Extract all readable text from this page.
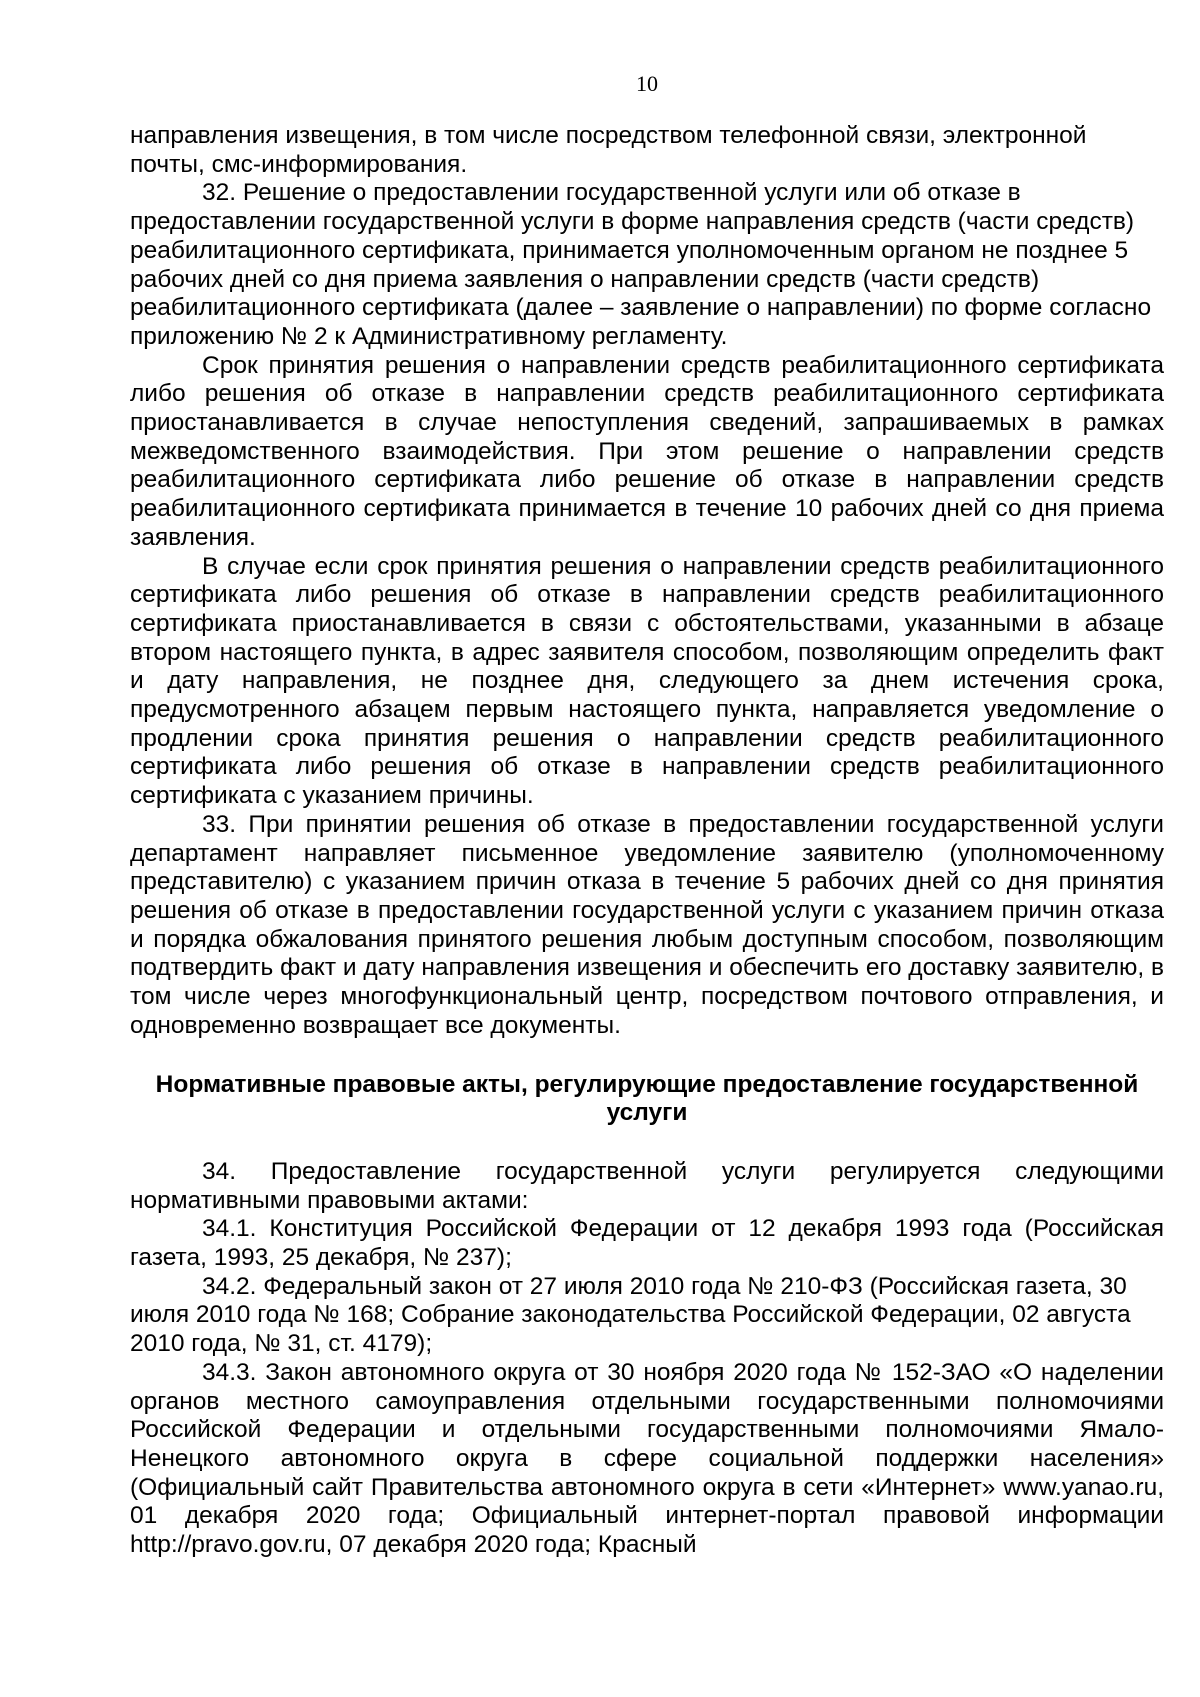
10

направления извещения, в том числе посредством телефонной связи, электронной почты, смс-информирования.

32. Решение о предоставлении государственной услуги или об отказе в предоставлении государственной услуги в форме направления средств (части средств) реабилитационного сертификата, принимается уполномоченным органом не позднее 5 рабочих дней со дня приема заявления о направлении средств (части средств) реабилитационного сертификата (далее – заявление о направлении) по форме согласно приложению № 2 к Административному регламенту.

Срок принятия решения о направлении средств реабилитационного сертификата либо решения об отказе в направлении средств реабилитационного сертификата приостанавливается в случае непоступления сведений, запрашиваемых в рамках межведомственного взаимодействия. При этом решение о направлении средств реабилитационного сертификата либо решение об отказе в направлении средств реабилитационного сертификата принимается в течение 10 рабочих дней со дня приема заявления.

В случае если срок принятия решения о направлении средств реабилитационного сертификата либо решения об отказе в направлении средств реабилитационного сертификата приостанавливается в связи с обстоятельствами, указанными в абзаце втором настоящего пункта, в адрес заявителя способом, позволяющим определить факт и дату направления, не позднее дня, следующего за днем истечения срока, предусмотренного абзацем первым настоящего пункта, направляется уведомление о продлении срока принятия решения о направлении средств реабилитационного сертификата либо решения об отказе в направлении средств реабилитационного сертификата с указанием причины.

33. При принятии решения об отказе в предоставлении государственной услуги департамент направляет письменное уведомление заявителю (уполномоченному представителю) с указанием причин отказа в течение 5 рабочих дней со дня принятия решения об отказе в предоставлении государственной услуги с указанием причин отказа и порядка обжалования принятого решения любым доступным способом, позволяющим подтвердить факт и дату направления извещения и обеспечить его доставку заявителю, в том числе через многофункциональный центр, посредством почтового отправления, и одновременно возвращает все документы.

Нормативные правовые акты, регулирующие предоставление государственной услуги

34. Предоставление государственной услуги регулируется следующими нормативными правовыми актами:

34.1. Конституция Российской Федерации от 12 декабря 1993 года (Российская газета, 1993, 25 декабря, № 237);

34.2. Федеральный закон от 27 июля 2010 года № 210-ФЗ (Российская газета, 30 июля 2010 года № 168; Собрание законодательства Российской Федерации, 02 августа 2010 года, № 31, ст. 4179);

34.3. Закон автономного округа от 30 ноября 2020 года № 152-ЗАО «О наделении органов местного самоуправления отдельными государственными полномочиями Российской Федерации и отдельными государственными полномочиями Ямало-Ненецкого автономного округа в сфере социальной поддержки населения» (Официальный сайт Правительства автономного округа в сети «Интернет» www.yanao.ru, 01 декабря 2020 года; Официальный интернет-портал правовой информации http://pravo.gov.ru, 07 декабря 2020 года; Красный
